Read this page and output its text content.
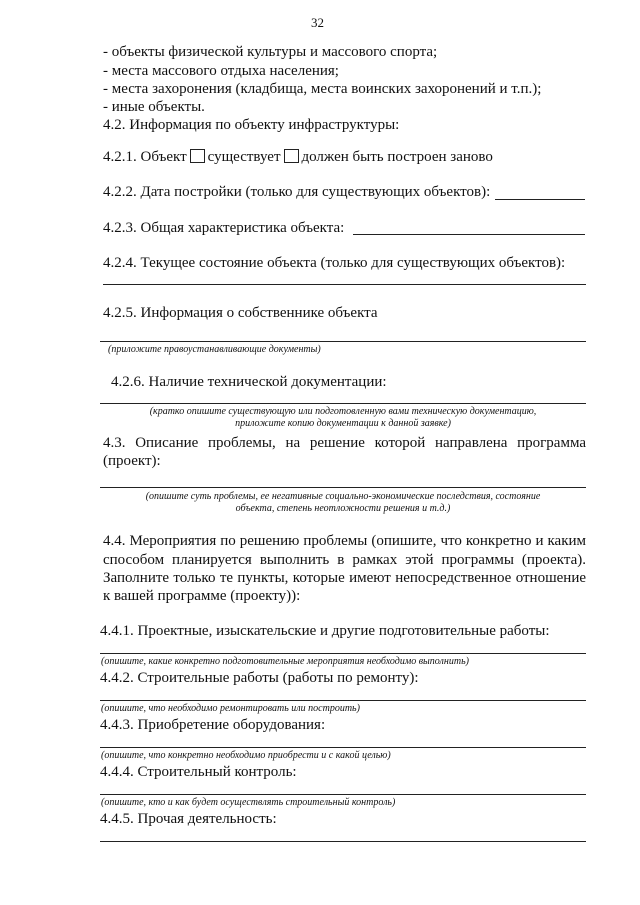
32
- объекты физической культуры и массового спорта;
- места массового отдыха населения;
- места захоронения (кладбища, места воинских захоронений и т.п.);
- иные объекты.
4.2. Информация по объекту инфраструктуры:
4.2.1. Объект существует должен быть построен заново
4.2.2. Дата постройки (только для существующих объектов):
4.2.3. Общая характеристика объекта:
4.2.4. Текущее состояние объекта (только для существующих объектов):
4.2.5. Информация о собственнике объекта
(приложите правоустанавливающие документы)
4.2.6. Наличие технической документации:
(кратко опишите существующую или подготовленную вами техническую документацию,
приложите копию документации к данной заявке)
4.3. Описание проблемы, на решение которой направлена программа
(проект):
(опишите суть проблемы, ее негативные социально-экономические последствия, состояние
объекта, степень неотложности решения и т.д.)
4.4. Мероприятия по решению проблемы (опишите, что конкретно и каким
способом планируется выполнить в рамках этой программы (проекта).
Заполните только те пункты, которые имеют непосредственное отношение
к вашей программе (проекту)):
4.4.1. Проектные, изыскательские и другие подготовительные работы:
(опишите, какие конкретно подготовительные мероприятия необходимо выполнить)
4.4.2. Строительные работы (работы по ремонту):
(опишите, что необходимо ремонтировать или построить)
4.4.3. Приобретение оборудования:
(опишите, что конкретно необходимо приобрести и с какой целью)
4.4.4. Строительный контроль:
(опишите, кто и как будет осуществлять строительный контроль)
4.4.5. Прочая деятельность:
